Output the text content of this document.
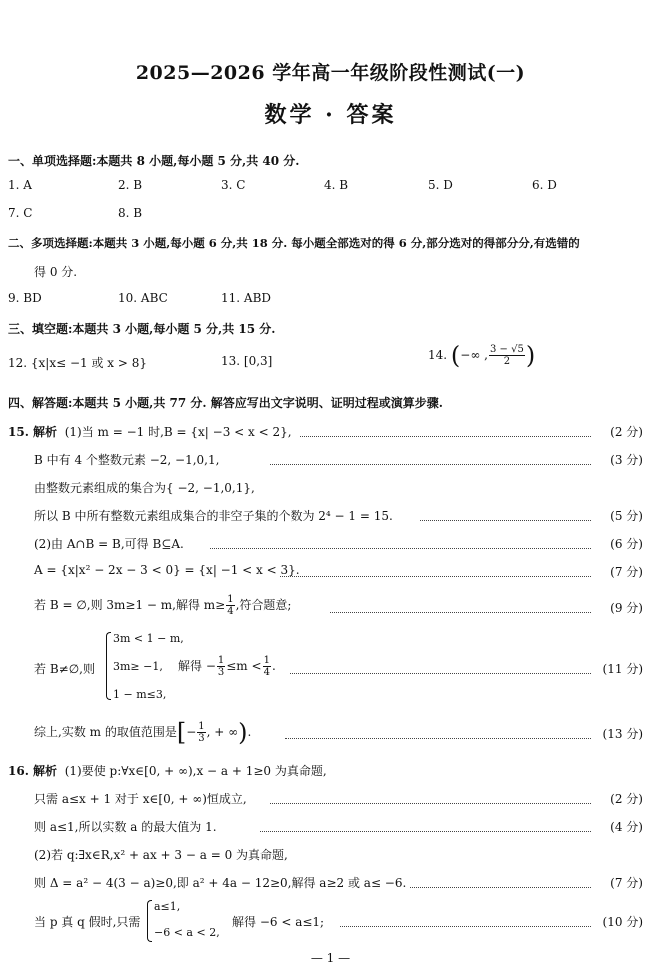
2025—2026 学年高一年级阶段性测试(一)
数学 · 答案
一、单项选择题:本题共 8 小题,每小题 5 分,共 40 分.
1. A	2. B	3. C	4. B	5. D	6. D
7. C	8. B
二、多项选择题:本题共 3 小题,每小题 6 分,共 18 分. 每小题全部选对的得 6 分,部分选对的得部分分,有选错的
得 0 分.
9. BD	10. ABC	11. ABD
三、填空题:本题共 3 小题,每小题 5 分,共 15 分.
12. {x|x≤ −1 或 x > 8}	13. [0,3]	14. (−∞ , $\frac{3 - √5}{2}$ )
四、解答题:本题共 5 小题,共 77 分. 解答应写出文字说明、证明过程或演算步骤.
15. 解析 (1)当 m = −1 时,B = {x| −3 < x < 2},	(2 分)
B 中有 4 个整数元素 −2, −1,0,1,	(3 分)
由整数元素组成的集合为{ −2, −1,0,1},
所以 B 中所有整数元素组成集合的非空子集的个数为 2⁴ − 1 = 15.	(5 分)
(2)由 A∩B = B,可得 B⊆A.	(6 分)
A = {x|x² − 2x − 3 < 0} = {x| −1 < x < 3}.	(7 分)
若 B = ∅,则 3m≥1 − m,解得 $m\ge \frac{1}{4}$ ,符合题意;	(9 分)
若 B≠∅,则
3m < 1 − m,
3m≥ −1,
1 − m≤3,
解得 − $\frac{1}{3} \le m < \frac{1}{4}$ .	(11 分)
综上,实数 m 的取值范围是[− $\frac{1}{3}$ , + ∞).	(13 分)
16. 解析 (1)要使 p:∀x∈[0, + ∞),x − a + 1≥0 为真命题,
只需 a≤x + 1 对于 x∈[0, + ∞)恒成立,	(2 分)
则 a≤1,所以实数 a 的最大值为 1.	(4 分)
(2)若 q:∃x∈R,x² + ax + 3 − a = 0 为真命题,
则 Δ = a² − 4(3 − a)≥0,即 a² + 4a − 12≥0,解得 a≥2 或 a≤ −6.	(7 分)
当 p 真 q 假时,只需
a≤1,
−6 < a < 2,
解得 −6 < a≤1;	(10 分)
— 1 —
